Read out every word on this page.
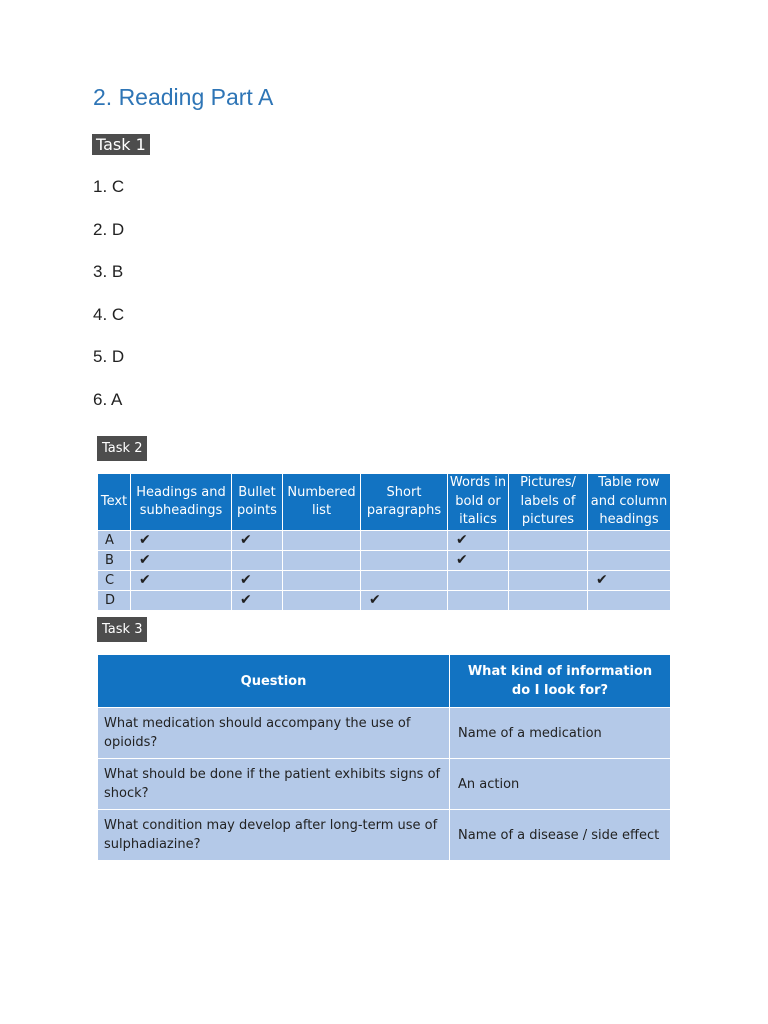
2. Reading Part A
Task 1
1. C
2. D
3. B
4. C
5. D
6. A
Task 2
Text	Headings and subheadings	Bullet points	Numbered list	Short paragraphs	Words in bold or italics	Pictures/ labels of pictures	Table row and column headings
A	✔	✔			✔		
B	✔				✔		
C	✔	✔					✔
D		✔		✔			
Task 3
Question	What kind of information do I look for?
What medication should accompany the use of opioids?	Name of a medication
What should be done if the patient exhibits signs of shock?	An action
What condition may develop after long-term use of sulphadiazine?	Name of a disease / side effect
